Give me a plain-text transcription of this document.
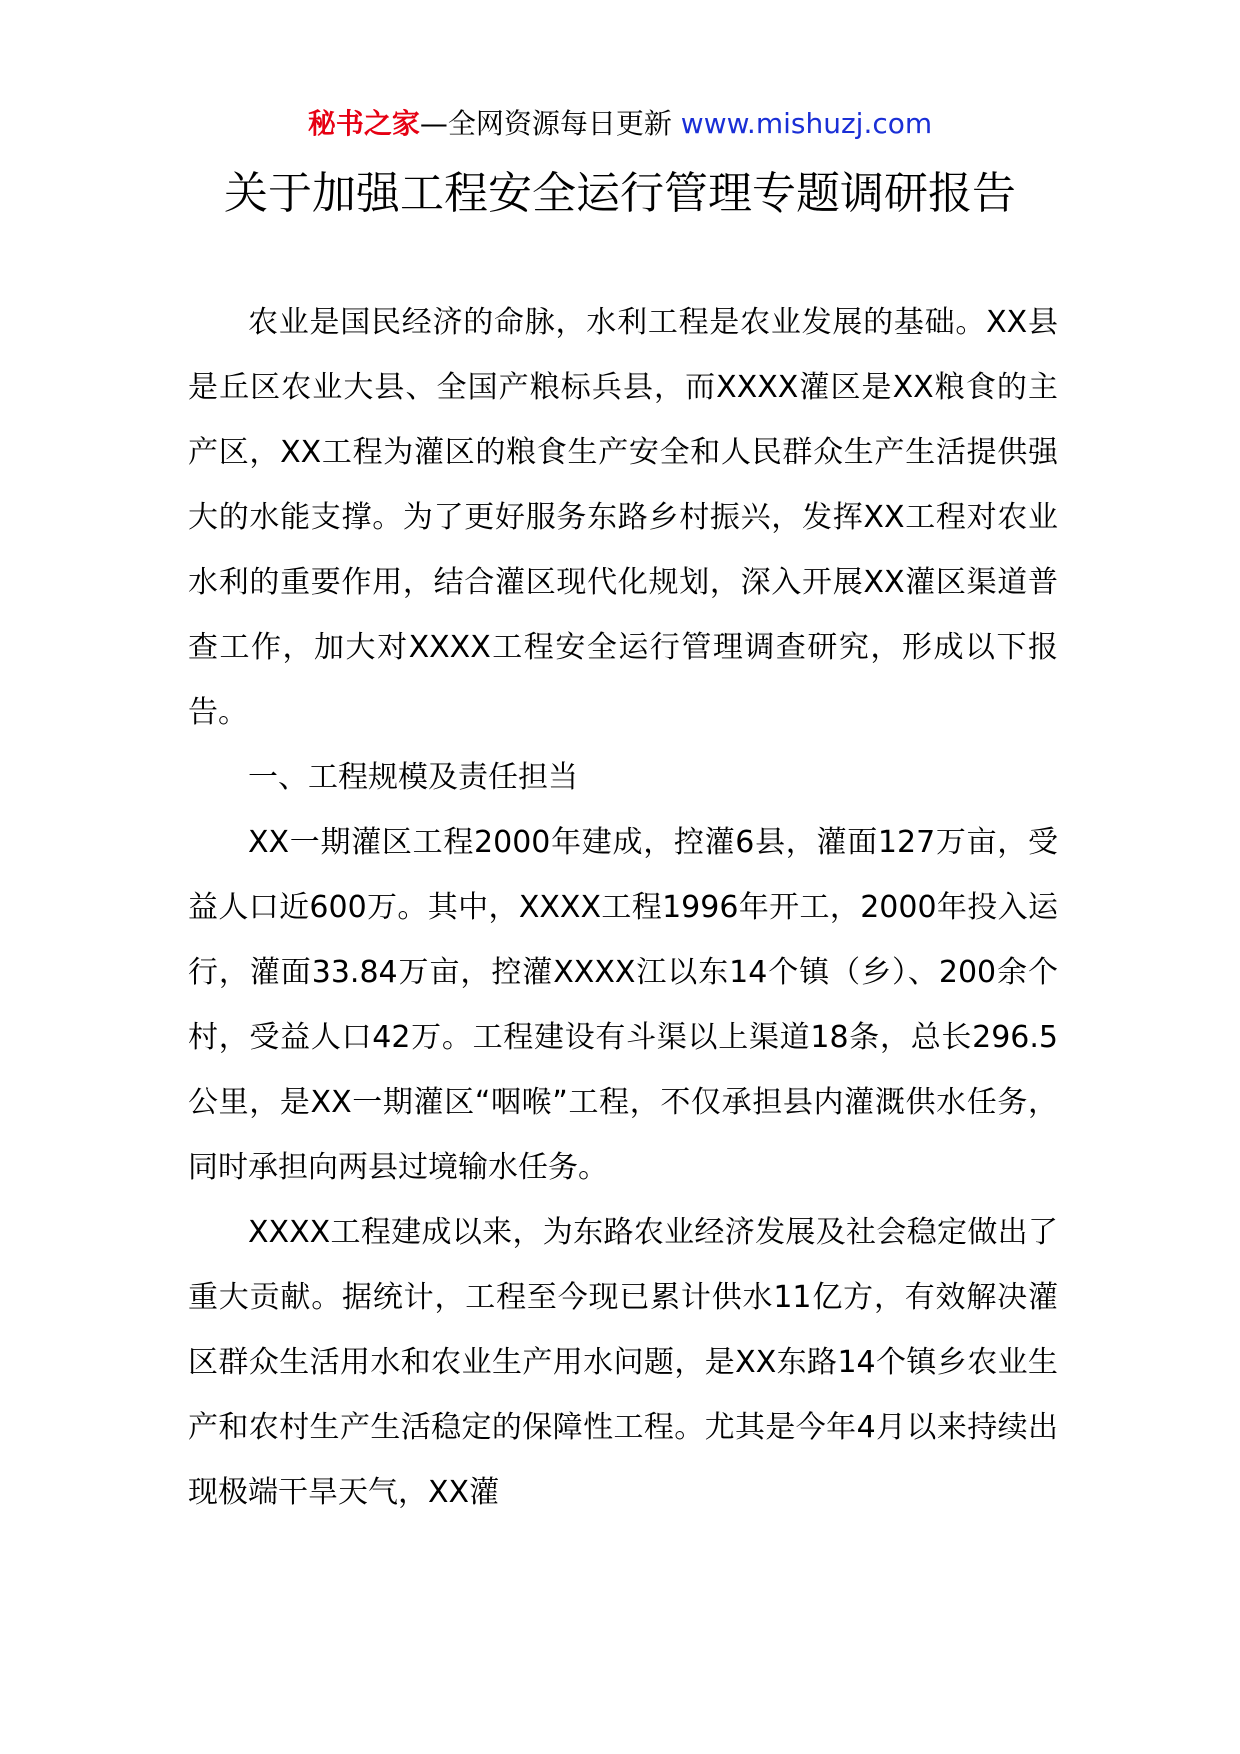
秘书之家—全网资源每日更新 www.mishuzj.com
关于加强工程安全运行管理专题调研报告

农业是国民经济的命脉，水利工程是农业发展的基础。XX县是丘区农业大县、全国产粮标兵县，而XXXX灌区是XX粮食的主产区，XX工程为灌区的粮食生产安全和人民群众生产生活提供强大的水能支撑。为了更好服务东路乡村振兴，发挥XX工程对农业水利的重要作用，结合灌区现代化规划，深入开展XX灌区渠道普查工作，加大对XXXX工程安全运行管理调查研究，形成以下报告。

一、工程规模及责任担当

XX一期灌区工程2000年建成，控灌6县，灌面127万亩，受益人口近600万。其中，XXXX工程1996年开工，2000年投入运行，灌面33.84万亩，控灌XXXX江以东14个镇（乡）、200余个村，受益人口42万。工程建设有斗渠以上渠道18条，总长296.5公里，是XX一期灌区“咽喉”工程，不仅承担县内灌溉供水任务，同时承担向两县过境输水任务。

XXXX工程建成以来，为东路农业经济发展及社会稳定做出了重大贡献。据统计，工程至今现已累计供水11亿方，有效解决灌区群众生活用水和农业生产用水问题，是XX东路14个镇乡农业生产和农村生产生活稳定的保障性工程。尤其是今年4月以来持续出现极端干旱天气，XX灌
